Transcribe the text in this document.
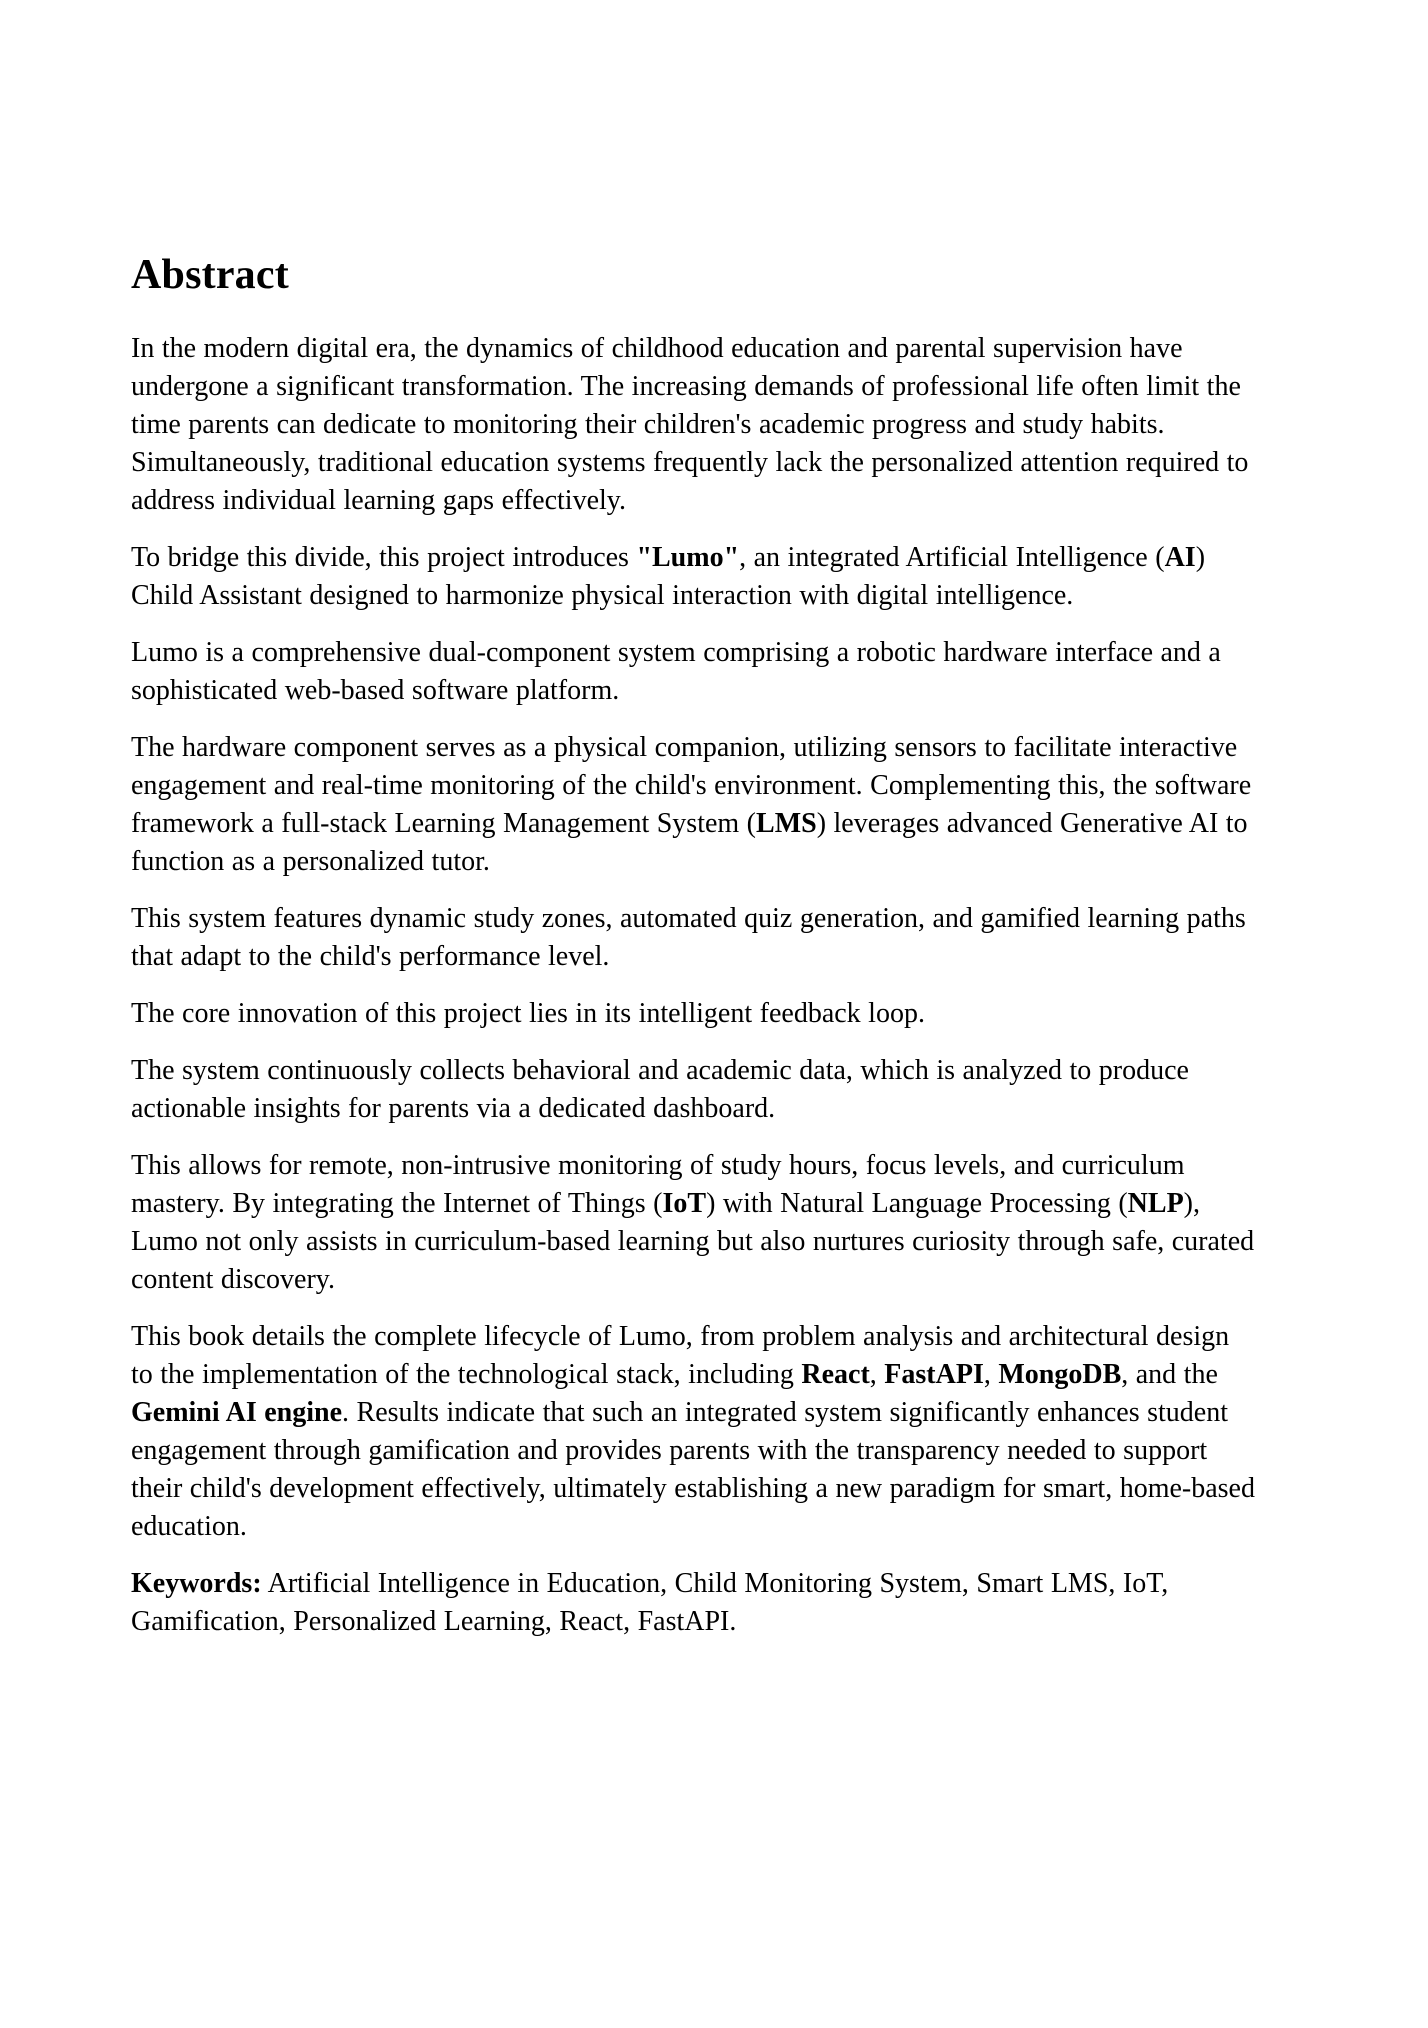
Abstract

In the modern digital era, the dynamics of childhood education and parental supervision have undergone a significant transformation. The increasing demands of professional life often limit the time parents can dedicate to monitoring their children's academic progress and study habits. Simultaneously, traditional education systems frequently lack the personalized attention required to address individual learning gaps effectively.

To bridge this divide, this project introduces "Lumo", an integrated Artificial Intelligence (AI) Child Assistant designed to harmonize physical interaction with digital intelligence.

Lumo is a comprehensive dual-component system comprising a robotic hardware interface and a sophisticated web-based software platform.

The hardware component serves as a physical companion, utilizing sensors to facilitate interactive engagement and real-time monitoring of the child's environment. Complementing this, the software framework a full-stack Learning Management System (LMS) leverages advanced Generative AI to function as a personalized tutor.

This system features dynamic study zones, automated quiz generation, and gamified learning paths that adapt to the child's performance level.

The core innovation of this project lies in its intelligent feedback loop.

The system continuously collects behavioral and academic data, which is analyzed to produce actionable insights for parents via a dedicated dashboard.

This allows for remote, non-intrusive monitoring of study hours, focus levels, and curriculum mastery. By integrating the Internet of Things (IoT) with Natural Language Processing (NLP), Lumo not only assists in curriculum-based learning but also nurtures curiosity through safe, curated content discovery.

This book details the complete lifecycle of Lumo, from problem analysis and architectural design to the implementation of the technological stack, including React, FastAPI, MongoDB, and the Gemini AI engine. Results indicate that such an integrated system significantly enhances student engagement through gamification and provides parents with the transparency needed to support their child's development effectively, ultimately establishing a new paradigm for smart, home-based education.

Keywords: Artificial Intelligence in Education, Child Monitoring System, Smart LMS, IoT, Gamification, Personalized Learning, React, FastAPI.
